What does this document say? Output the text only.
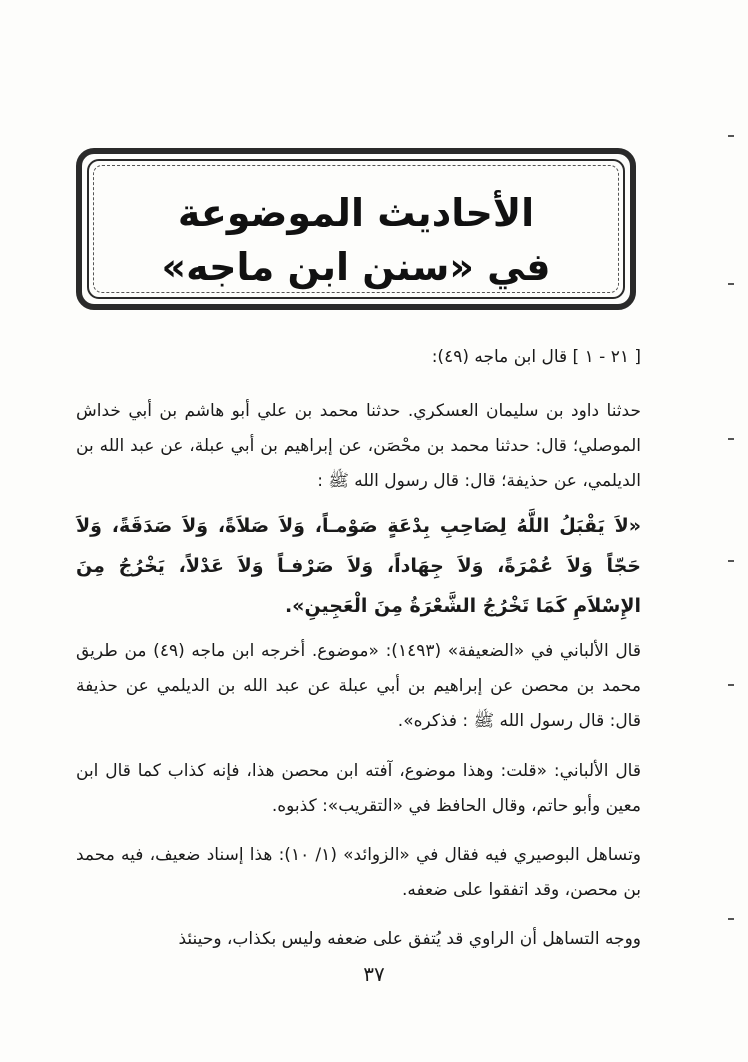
الأحاديث الموضوعة
في «سنن ابن ماجه»
[ ٢١ - ١ ] قال ابن ماجه (٤٩):
حدثنا داود بن سليمان العسكري. حدثنا محمد بن علي أبو هاشم بن أبي خداش الموصلي؛ قال: حدثنا محمد بن محْصَن، عن إبراهيم بن أبي عبلة، عن عبد الله بن الديلمي، عن حذيفة؛ قال: قال رسول الله ﷺ :
«لاَ يَقْبَلُ اللَّهُ لِصَاحِبِ بِدْعَةٍ صَوْمـاً، وَلاَ صَلاَةً، وَلاَ صَدَقَةً، وَلاَ حَجّاً وَلاَ عُمْرَةً، وَلاَ جِهَاداً، وَلاَ صَرْفـاً وَلاَ عَدْلاً، يَخْرُجُ مِنَ الإِسْلاَمِ كَمَا تَخْرُجُ الشَّعْرَةُ مِنَ الْعَجِينِ».
قال الألباني في «الضعيفة» (١٤٩٣): «موضوع. أخرجه ابن ماجه (٤٩) من طريق محمد بن محصن عن إبراهيم بن أبي عبلة عن عبد الله بن الديلمي عن حذيفة قال: قال رسول الله ﷺ : فذكره».
قال الألباني: «قلت: وهذا موضوع، آفته ابن محصن هذا، فإنه كذاب كما قال ابن معين وأبو حاتم، وقال الحافظ في «التقريب»: كذبوه.
وتساهل البوصيري فيه فقال في «الزوائد» (١/ ١٠): هذا إسناد ضعيف، فيه محمد بن محصن، وقد اتفقوا على ضعفه.
ووجه التساهل أن الراوي قد يُتفق على ضعفه وليس بكذاب، وحينئذ
٣٧
